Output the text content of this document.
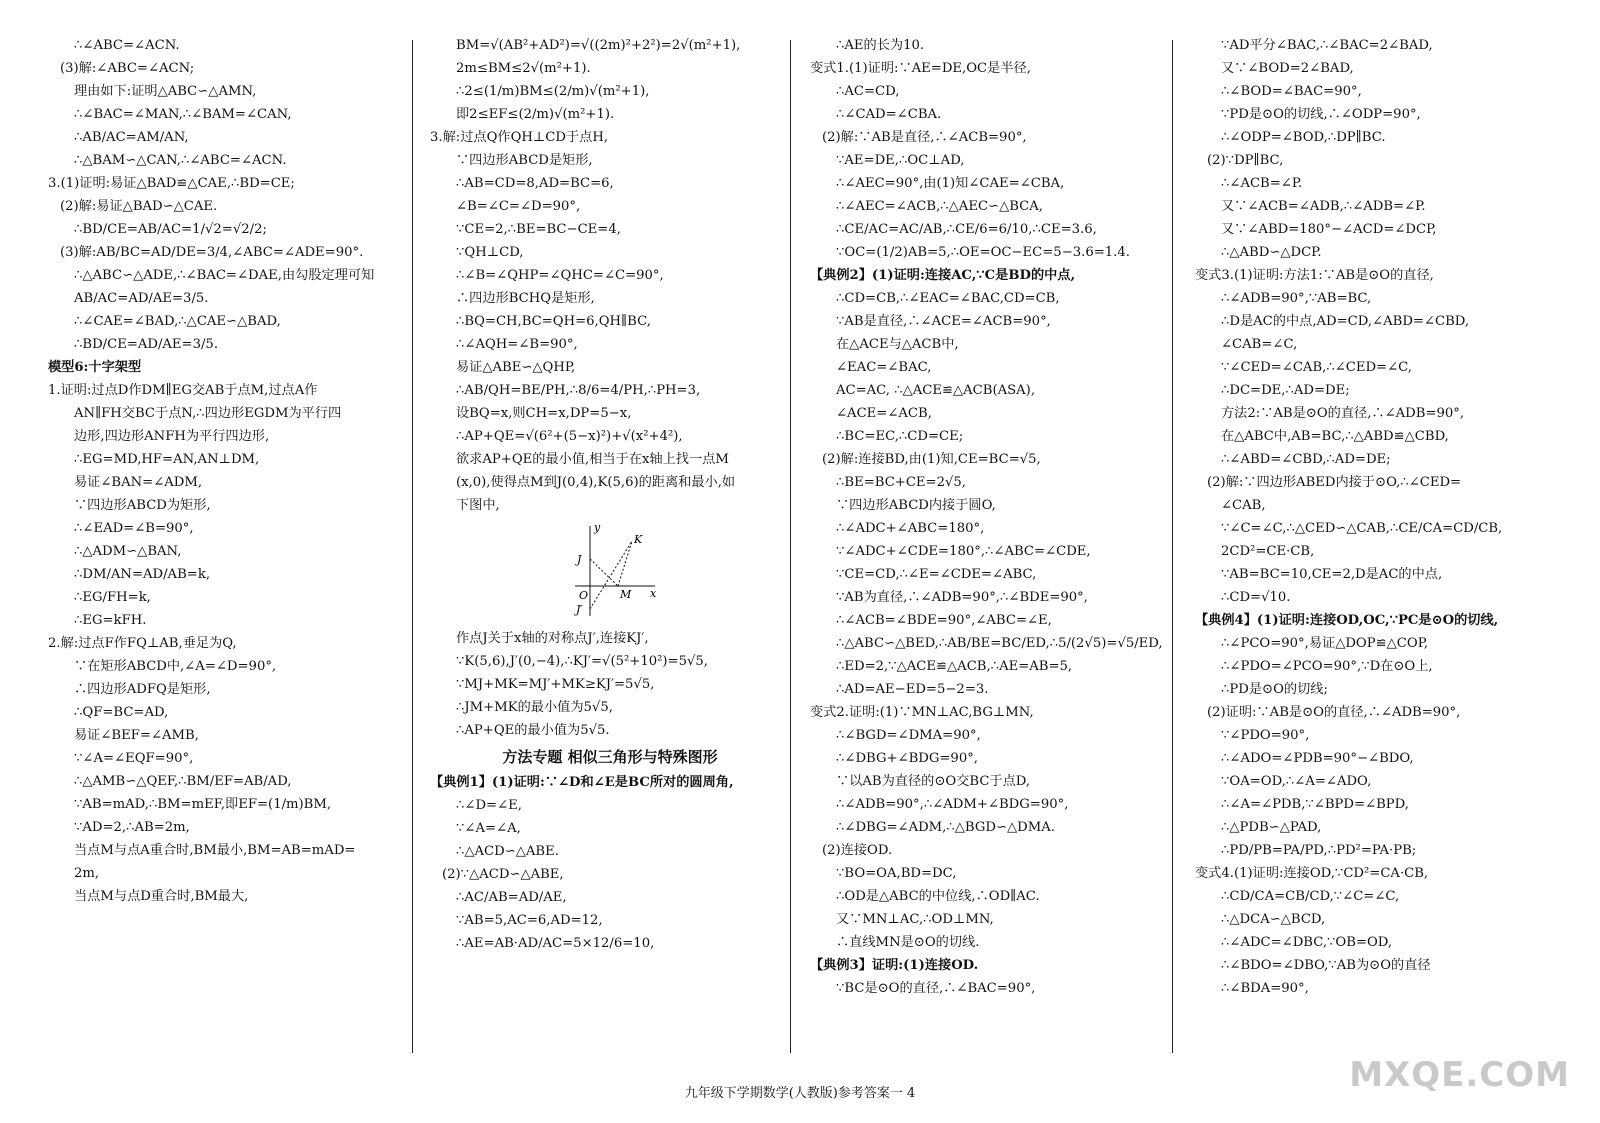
∴∠ABC=∠ACN.
(3)解:∠ABC=∠ACN;
理由如下:证明△ABC∽△AMN,
∴∠BAC=∠MAN,∴∠BAM=∠CAN,
∴AB/AC=AM/AN,
∴△BAM∽△CAN,∴∠ABC=∠ACN.
3.(1)证明:易证△BAD≌△CAE,∴BD=CE;
(2)解:易证△BAD∽△CAE.
∴BD/CE=AB/AC=1/√2=√2/2;
(3)解:AB/BC=AD/DE=3/4,∠ABC=∠ADE=90°.
∴△ABC∽△ADE,∴∠BAC=∠DAE,由勾股定理可知
AB/AC=AD/AE=3/5.
∴∠CAE=∠BAD,∴△CAE∽△BAD,
∴BD/CE=AD/AE=3/5.
模型6:十字架型
1.证明:过点D作DM∥EG交AB于点M,过点A作
AN∥FH交BC于点N,∴四边形EGDM为平行四
边形,四边形ANFH为平行四边形,
∴EG=MD,HF=AN,AN⊥DM,
易证∠BAN=∠ADM,
∵四边形ABCD为矩形,
∴∠EAD=∠B=90°,
∴△ADM∽△BAN,
∴DM/AN=AD/AB=k,
∴EG/FH=k,
∴EG=kFH.
2.解:过点F作FQ⊥AB,垂足为Q,
∵在矩形ABCD中,∠A=∠D=90°,
∴四边形ADFQ是矩形,
∴QF=BC=AD,
易证∠BEF=∠AMB,
∵∠A=∠EQF=90°,
∴△AMB∽△QEF,∴BM/EF=AB/AD,
∵AB=mAD,∴BM=mEF,即EF=(1/m)BM,
∵AD=2,∴AB=2m,
当点M与点A重合时,BM最小,BM=AB=mAD=
2m,
当点M与点D重合时,BM最大,
BM=√(AB²+AD²)=√((2m)²+2²)=2√(m²+1),
2m≤BM≤2√(m²+1).
∴2≤(1/m)BM≤(2/m)√(m²+1),
即2≤EF≤(2/m)√(m²+1).
3.解:过点Q作QH⊥CD于点H,
∵四边形ABCD是矩形,
∴AB=CD=8,AD=BC=6,
∠B=∠C=∠D=90°,
∵CE=2,∴BE=BC−CE=4,
∵QH⊥CD,
∴∠B=∠QHP=∠QHC=∠C=90°,
∴四边形BCHQ是矩形,
∴BQ=CH,BC=QH=6,QH∥BC,
∴∠AQH=∠B=90°,
易证△ABE∽△QHP,
∴AB/QH=BE/PH,∴8/6=4/PH,∴PH=3,
设BQ=x,则CH=x,DP=5−x,
∴AP+QE=√(6²+(5−x)²)+√(x²+4²),
欲求AP+QE的最小值,相当于在x轴上找一点M
(x,0),使得点M到J(0,4),K(5,6)的距离和最小,如
下图中,
y
K
J
O	M x
J′
作点J关于x轴的对称点J′,连接KJ′,
∵K(5,6),J′(0,−4),∴KJ′=√(5²+10²)=5√5,
∵MJ+MK=MJ′+MK≥KJ′=5√5,
∴JM+MK的最小值为5√5,
∴AP+QE的最小值为5√5.
方法专题 相似三角形与特殊图形
【典例1】(1)证明:∵∠D和∠E是BC所对的圆周角,
∴∠D=∠E,
∵∠A=∠A,
∴△ACD∽△ABE.
(2)∵△ACD∽△ABE,
∴AC/AB=AD/AE,
∵AB=5,AC=6,AD=12,
∴AE=AB·AD/AC=5×12/6=10,
∴AE的长为10.
变式1.(1)证明:∵AE=DE,OC是半径,
∴AC=CD,
∴∠CAD=∠CBA.
(2)解:∵AB是直径,∴∠ACB=90°,
∵AE=DE,∴OC⊥AD,
∴∠AEC=90°,由(1)知∠CAE=∠CBA,
∴∠AEC=∠ACB,∴△AEC∽△BCA,
∴CE/AC=AC/AB,∴CE/6=6/10,∴CE=3.6,
∵OC=(1/2)AB=5,∴OE=OC−EC=5−3.6=1.4.
【典例2】(1)证明:连接AC,∵C是BD的中点,
∴CD=CB,∴∠EAC=∠BAC,CD=CB,
∵AB是直径,∴∠ACE=∠ACB=90°,
在△ACE与△ACB中,
∠EAC=∠BAC,
AC=AC, ∴△ACE≌△ACB(ASA),
∠ACE=∠ACB,
∴BC=EC,∴CD=CE;
(2)解:连接BD,由(1)知,CE=BC=√5,
∴BE=BC+CE=2√5,
∵四边形ABCD内接于圆O,
∴∠ADC+∠ABC=180°,
∵∠ADC+∠CDE=180°,∴∠ABC=∠CDE,
∵CE=CD,∴∠E=∠CDE=∠ABC,
∵AB为直径,∴∠ADB=90°,∴∠BDE=90°,
∴∠ACB=∠BDE=90°,∠ABC=∠E,
∴△ABC∽△BED,∴AB/BE=BC/ED,∴5/(2√5)=√5/ED,
∴ED=2,∵△ACE≌△ACB,∴AE=AB=5,
∴AD=AE−ED=5−2=3.
变式2.证明:(1)∵MN⊥AC,BG⊥MN,
∴∠BGD=∠DMA=90°,
∴∠DBG+∠BDG=90°,
∵以AB为直径的⊙O交BC于点D,
∴∠ADB=90°,∴∠ADM+∠BDG=90°,
∴∠DBG=∠ADM,∴△BGD∽△DMA.
(2)连接OD.
∵BO=OA,BD=DC,
∴OD是△ABC的中位线,∴OD∥AC.
又∵MN⊥AC,∴OD⊥MN,
∴直线MN是⊙O的切线.
【典例3】证明:(1)连接OD.
∵BC是⊙O的直径,∴∠BAC=90°,
∵AD平分∠BAC,∴∠BAC=2∠BAD,
又∵∠BOD=2∠BAD,
∴∠BOD=∠BAC=90°,
∵PD是⊙O的切线,∴∠ODP=90°,
∴∠ODP=∠BOD,∴DP∥BC.
(2)∵DP∥BC,
∴∠ACB=∠P.
又∵∠ACB=∠ADB,∴∠ADB=∠P.
又∵∠ABD=180°−∠ACD=∠DCP,
∴△ABD∽△DCP.
变式3.(1)证明:方法1:∵AB是⊙O的直径,
∴∠ADB=90°,∵AB=BC,
∴D是AC的中点,AD=CD,∠ABD=∠CBD,
∠CAB=∠C,
∵∠CED=∠CAB,∴∠CED=∠C,
∴DC=DE,∴AD=DE;
方法2:∵AB是⊙O的直径,∴∠ADB=90°,
在△ABC中,AB=BC,∴△ABD≌△CBD,
∴∠ABD=∠CBD,∴AD=DE;
(2)解:∵四边形ABED内接于⊙O,∴∠CED=
∠CAB,
∵∠C=∠C,∴△CED∽△CAB,∴CE/CA=CD/CB,
2CD²=CE·CB,
∵AB=BC=10,CE=2,D是AC的中点,
∴CD=√10.
【典例4】(1)证明:连接OD,OC,∵PC是⊙O的切线,
∴∠PCO=90°,易证△DOP≌△COP,
∴∠PDO=∠PCO=90°,∵D在⊙O上,
∴PD是⊙O的切线;
(2)证明:∵AB是⊙O的直径,∴∠ADB=90°,
∵∠PDO=90°,
∴∠ADO=∠PDB=90°−∠BDO,
∵OA=OD,∴∠A=∠ADO,
∴∠A=∠PDB,∵∠BPD=∠BPD,
∴△PDB∽△PAD,
∴PD/PB=PA/PD,∴PD²=PA·PB;
变式4.(1)证明:连接OD,∵CD²=CA·CB,
∴CD/CA=CB/CD,∵∠C=∠C,
∴△DCA∽△BCD,
∴∠ADC=∠DBC,∵OB=OD,
∴∠BDO=∠DBO,∵AB为⊙O的直径
∴∠BDA=90°,
九年级下学期数学(人教版)参考答案一 4	MXQE.COM
